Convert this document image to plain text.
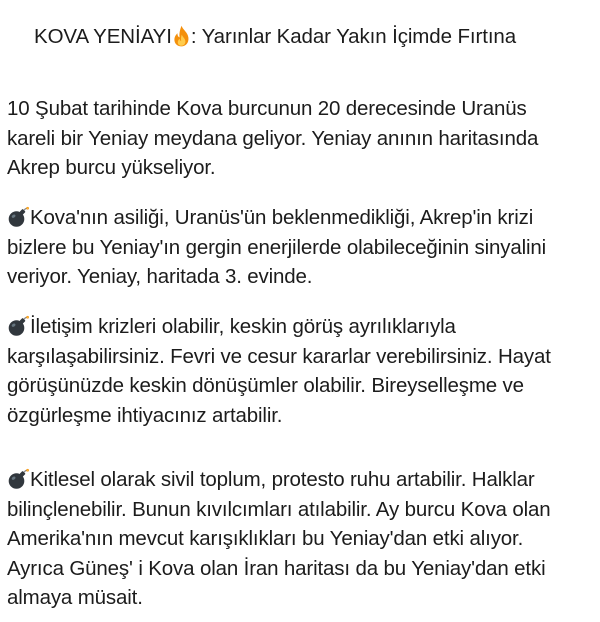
KOVA YENİAYI : Yarınlar Kadar Yakın İçimde Fırtına
10 Şubat tarihinde Kova burcunun 20 derecesinde Uranüs
kareli bir Yeniay meydana geliyor. Yeniay anının haritasında
Akrep burcu yükseliyor.
Kova'nın asiliği, Uranüs'ün beklenmedikliği, Akrep'in krizi
bizlere bu Yeniay'ın gergin enerjilerde olabileceğinin sinyalini
veriyor. Yeniay, haritada 3. evinde.
İletişim krizleri olabilir, keskin görüş ayrılıklarıyla
karşılaşabilirsiniz. Fevri ve cesur kararlar verebilirsiniz. Hayat
görüşünüzde keskin dönüşümler olabilir. Bireyselleşme ve
özgürleşme ihtiyacınız artabilir.
Kitlesel olarak sivil toplum, protesto ruhu artabilir. Halklar
bilinçlenebilir. Bunun kıvılcımları atılabilir. Ay burcu Kova olan
Amerika'nın mevcut karışıklıkları bu Yeniay'dan etki alıyor.
Ayrıca Güneş' i Kova olan İran haritası da bu Yeniay'dan etki
almaya müsait.
